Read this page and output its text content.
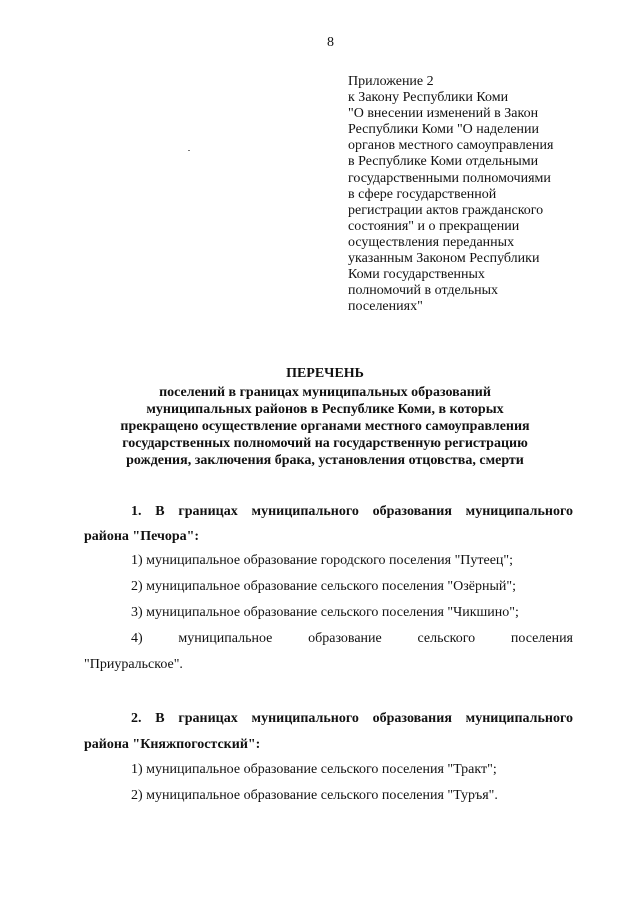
8
Приложение 2
к Закону Республики Коми
"О внесении изменений в Закон
Республики Коми "О наделении
органов местного самоуправления
в Республике Коми отдельными
государственными полномочиями
в сфере государственной
регистрации актов гражданского
состояния" и о прекращении
осуществления переданных
указанным Законом Республики
Коми государственных
полномочий в отдельных
поселениях"
ПЕРЕЧЕНЬ
поселений в границах муниципальных образований
муниципальных районов в Республике Коми, в которых
прекращено осуществление органами местного самоуправления
государственных полномочий на государственную регистрацию
рождения, заключения брака, установления отцовства, смерти
1. В границах муниципального образования муниципального
района "Печора":
1) муниципальное образование городского поселения "Путеец";
2) муниципальное образование сельского поселения "Озёрный";
3) муниципальное образование сельского поселения "Чикшино";
4) муниципальное образование сельского поселения
"Приуральское".
2. В границах муниципального образования муниципального
района "Княжпогостский":
1) муниципальное образование сельского поселения "Тракт";
2) муниципальное образование сельского поселения "Туръя".
